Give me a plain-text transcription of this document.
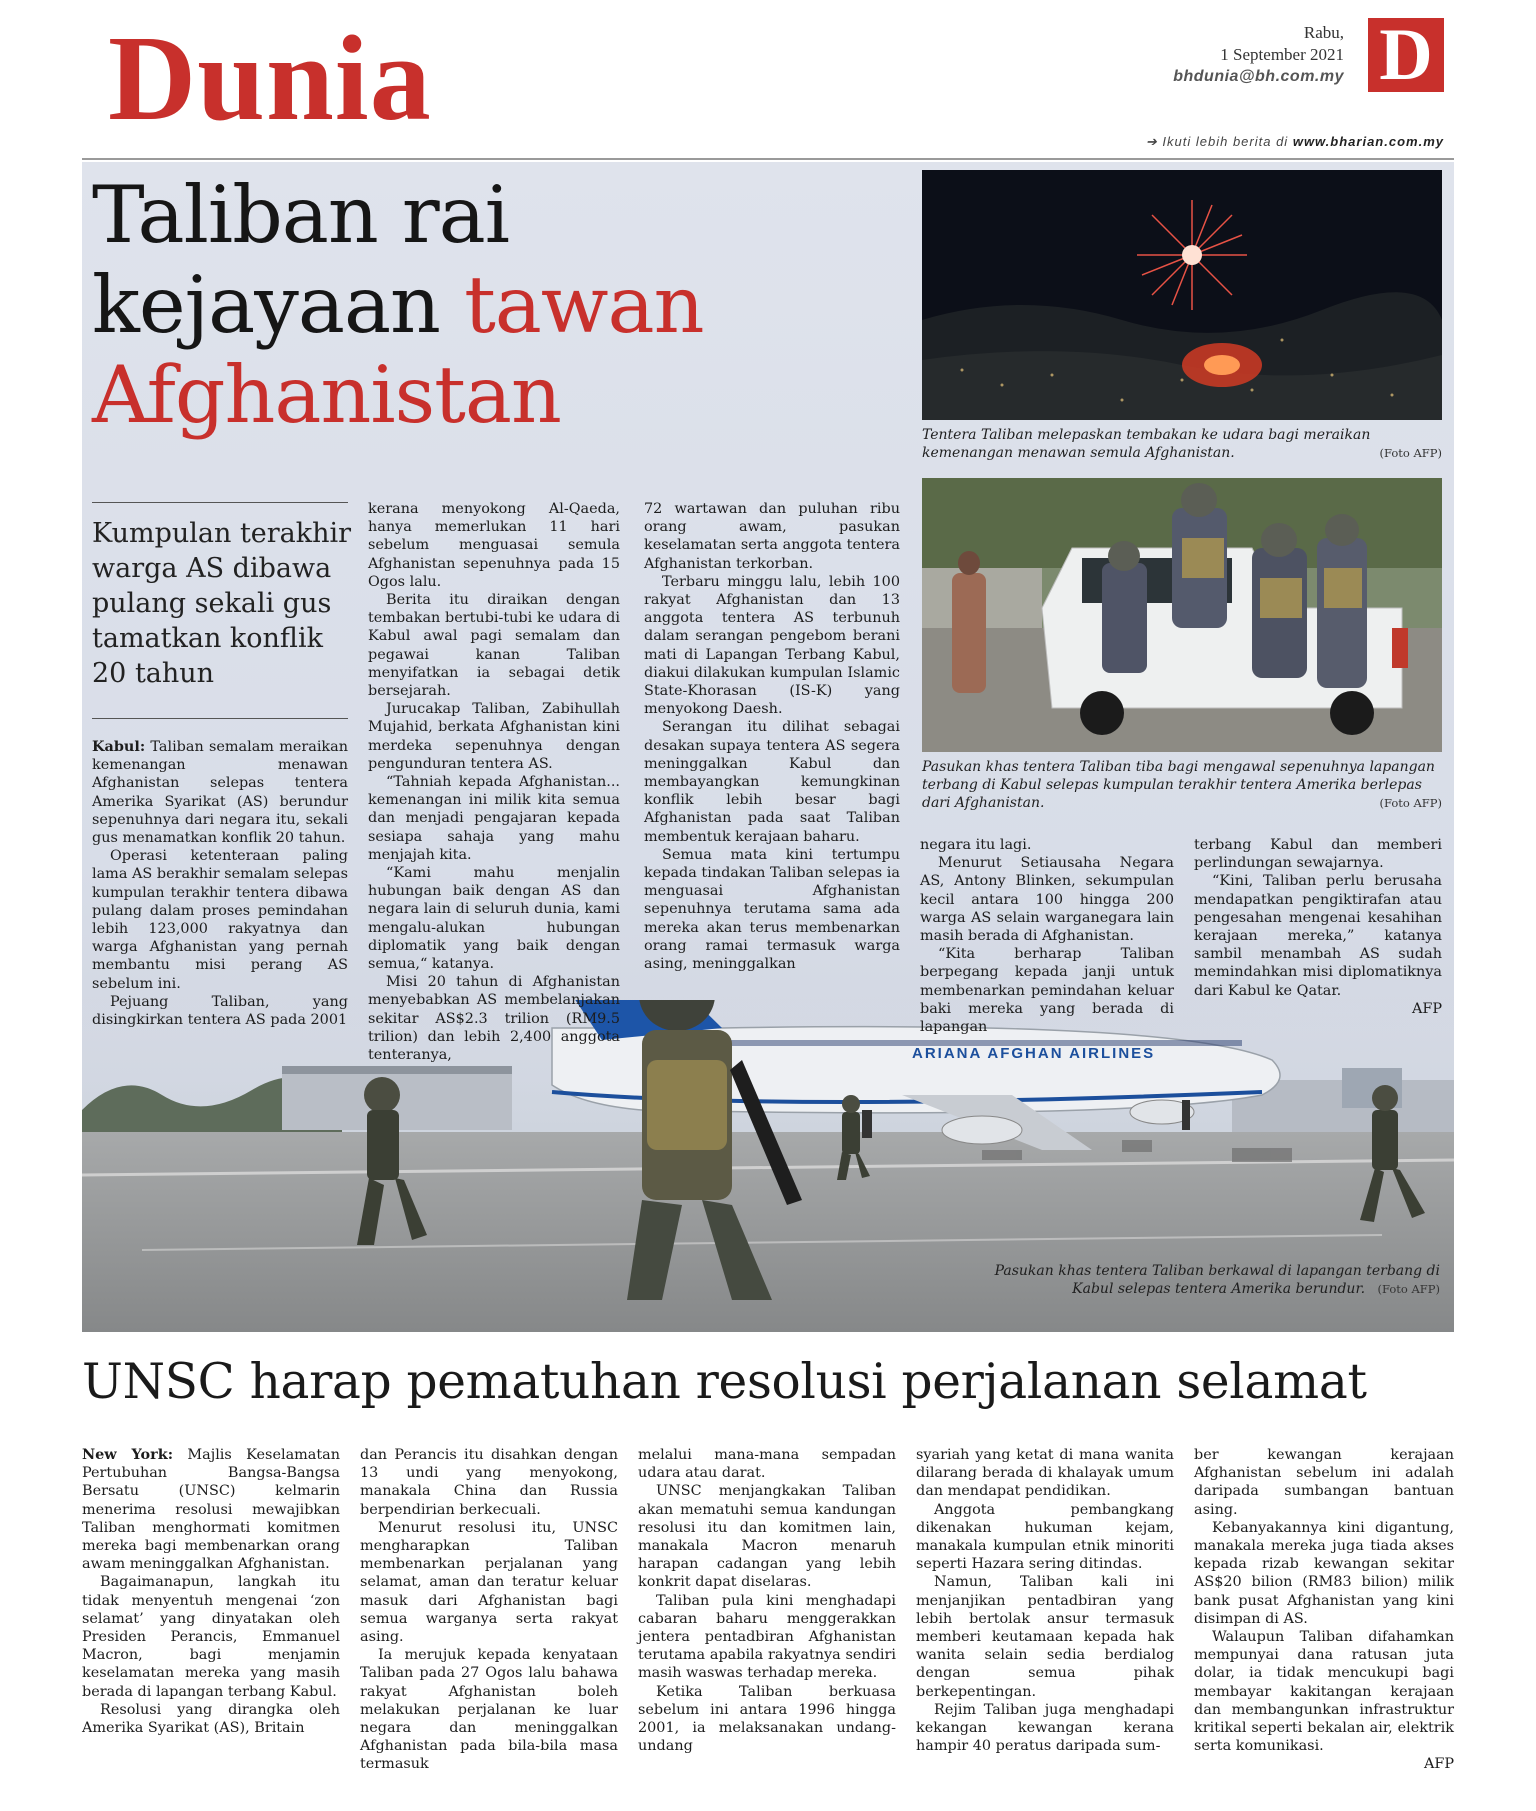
Dunia	Rabu,
1 September 2021
bhdunia@bh.com.my D
➔ Ikuti lebih berita di www.bharian.com.my
ARIANA AFGHAN AIRLINES
Taliban rai kejayaan tawan Afghanistan
Kumpulan terakhir warga AS dibawa pulang sekali gus tamatkan konflik 20 tahun

Kabul: Taliban semalam meraikan kemenangan menawan Afghanistan selepas tentera Amerika Syarikat (AS) berundur sepenuhnya dari negara itu, sekali gus menamatkan konflik 20 tahun.

Operasi ketenteraan paling lama AS berakhir semalam selepas kumpulan terakhir tentera dibawa pulang dalam proses pemindahan lebih 123,000 rakyatnya dan warga Afghanistan yang pernah membantu misi perang AS sebelum ini.

Pejuang Taliban, yang disingkirkan tentera AS pada 2001

kerana menyokong Al-Qaeda, hanya memerlukan 11 hari sebelum menguasai semula Afghanistan sepenuhnya pada 15 Ogos lalu.

Berita itu diraikan dengan tembakan bertubi-tubi ke udara di Kabul awal pagi semalam dan pegawai kanan Taliban menyifatkan ia sebagai detik bersejarah.

Jurucakap Taliban, Zabihullah Mujahid, berkata Afghanistan kini merdeka sepenuhnya dengan pengunduran tentera AS.

“Tahniah kepada Afghanistan... kemenangan ini milik kita semua dan menjadi pengajaran kepada sesiapa sahaja yang mahu menjajah kita.

“Kami mahu menjalin hubungan baik dengan AS dan negara lain di seluruh dunia, kami mengalu-alukan hubungan diplomatik yang baik dengan semua,“ katanya.

Misi 20 tahun di Afghanistan menyebabkan AS membelanjakan sekitar AS$2.3 trilion (RM9.5 trilion) dan lebih 2,400 anggota tenteranya,

72 wartawan dan puluhan ribu orang awam, pasukan keselamatan serta anggota tentera Afghanistan terkorban.

Terbaru minggu lalu, lebih 100 rakyat Afghanistan dan 13 anggota tentera AS terbunuh dalam serangan pengebom berani mati di Lapangan Terbang Kabul, diakui dilakukan kumpulan Islamic State-Khorasan (IS-K) yang menyokong Daesh.

Serangan itu dilihat sebagai desakan supaya tentera AS segera meninggalkan Kabul dan membayangkan kemungkinan konflik lebih besar bagi Afghanistan pada saat Taliban membentuk kerajaan baharu.

Semua mata kini tertumpu kepada tindakan Taliban selepas ia menguasai Afghanistan sepenuhnya terutama sama ada mereka akan terus membenarkan orang ramai termasuk warga asing, meninggalkan

negara itu lagi.

Menurut Setiausaha Negara AS, Antony Blinken, sekumpulan kecil antara 100 hingga 200 warga AS selain warganegara lain masih berada di Afghanistan.

“Kita berharap Taliban berpegang kepada janji untuk membenarkan pemindahan keluar baki mereka yang berada di lapangan

terbang Kabul dan memberi perlindungan sewajarnya.

“Kini, Taliban perlu berusaha mendapatkan pengiktirafan atau pengesahan mengenai kesahihan kerajaan mereka,” katanya sambil menambah AS sudah memindahkan misi diplomatiknya dari Kabul ke Qatar.

AFP

Tentera Taliban melepaskan tembakan ke udara bagi meraikan kemenangan menawan semula Afghanistan.	(Foto AFP)
Pasukan khas tentera Taliban tiba bagi mengawal sepenuhnya lapangan terbang di Kabul selepas kumpulan terakhir tentera Amerika berlepas dari Afghanistan.	(Foto AFP)
Pasukan khas tentera Taliban berkawal di lapangan terbang di Kabul selepas tentera Amerika berundur. (Foto AFP)
UNSC harap pematuhan resolusi perjalanan selamat

New York: Majlis Keselamatan Pertubuhan Bangsa-Bangsa Bersatu (UNSC) kelmarin menerima resolusi mewajibkan Taliban menghormati komitmen mereka bagi membenarkan orang awam meninggalkan Afghanistan.

Bagaimanapun, langkah itu tidak menyentuh mengenai ‘zon selamat’ yang dinyatakan oleh Presiden Perancis, Emmanuel Macron, bagi menjamin keselamatan mereka yang masih berada di lapangan terbang Kabul.

Resolusi yang dirangka oleh Amerika Syarikat (AS), Britain

dan Perancis itu disahkan dengan 13 undi yang menyokong, manakala China dan Russia berpendirian berkecuali.

Menurut resolusi itu, UNSC mengharapkan Taliban membenarkan perjalanan yang selamat, aman dan teratur keluar masuk dari Afghanistan bagi semua warganya serta rakyat asing.

Ia merujuk kepada kenyataan Taliban pada 27 Ogos lalu bahawa rakyat Afghanistan boleh melakukan perjalanan ke luar negara dan meninggalkan Afghanistan pada bila-bila masa termasuk

melalui mana-mana sempadan udara atau darat.

UNSC menjangkakan Taliban akan mematuhi semua kandungan resolusi itu dan komitmen lain, manakala Macron menaruh harapan cadangan yang lebih konkrit dapat diselaras.

Taliban pula kini menghadapi cabaran baharu menggerakkan jentera pentadbiran Afghanistan terutama apabila rakyatnya sendiri masih waswas terhadap mereka.

Ketika Taliban berkuasa sebelum ini antara 1996 hingga 2001, ia melaksanakan undang-undang

syariah yang ketat di mana wanita dilarang berada di khalayak umum dan mendapat pendidikan.

Anggota pembangkang dikenakan hukuman kejam, manakala kumpulan etnik minoriti seperti Hazara sering ditindas.

Namun, Taliban kali ini menjanjikan pentadbiran yang lebih bertolak ansur termasuk memberi keutamaan kepada hak wanita selain sedia berdialog dengan semua pihak berkepentingan.

Rejim Taliban juga menghadapi kekangan kewangan kerana hampir 40 peratus daripada sum-

ber kewangan kerajaan Afghanistan sebelum ini adalah daripada sumbangan bantuan asing.

Kebanyakannya kini digantung, manakala mereka juga tiada akses kepada rizab kewangan sekitar AS$20 bilion (RM83 bilion) milik bank pusat Afghanistan yang kini disimpan di AS.

Walaupun Taliban difahamkan mempunyai dana ratusan juta dolar, ia tidak mencukupi bagi membayar kakitangan kerajaan dan membangunkan infrastruktur kritikal seperti bekalan air, elektrik serta komunikasi.

AFP
